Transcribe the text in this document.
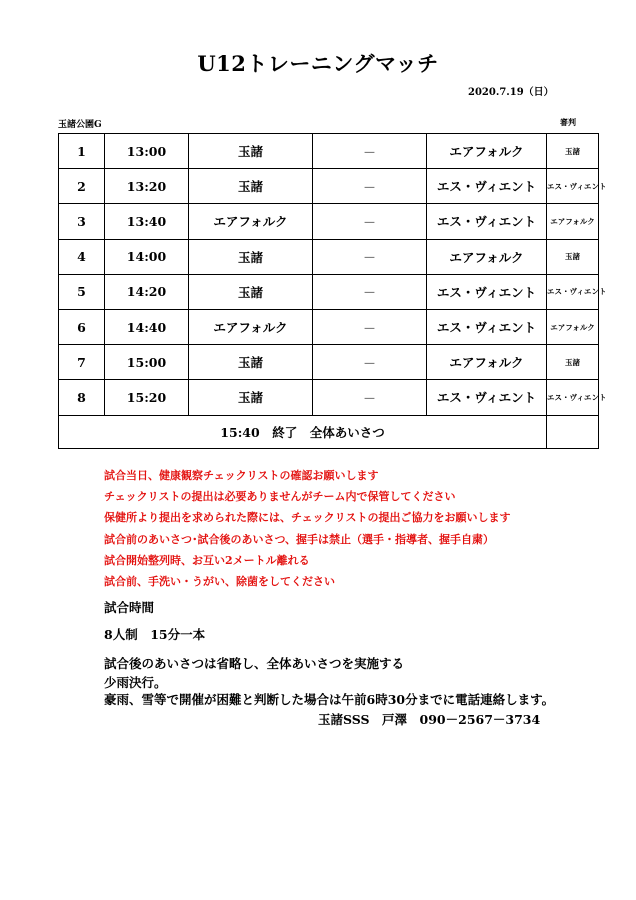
U12トレーニングマッチ
2020.7.19（日）
玉諸公園G	審判
1	13:00	玉諸	－	エアフォルク	玉諸
2	13:20	玉諸	－	エス・ヴィエント	エス・ヴィエント
3	13:40	エアフォルク	－	エス・ヴィエント	エアフォルク
4	14:00	玉諸	－	エアフォルク	玉諸
5	14:20	玉諸	－	エス・ヴィエント	エス・ヴィエント
6	14:40	エアフォルク	－	エス・ヴィエント	エアフォルク
7	15:00	玉諸	－	エアフォルク	玉諸
8	15:20	玉諸	－	エス・ヴィエント	エス・ヴィエント
15:40　終了　全体あいさつ					
試合当日、健康観察チェックリストの確認お願いします
チェックリストの提出は必要ありませんがチーム内で保管してください
保健所より提出を求められた際には、チェックリストの提出ご協力をお願いします
試合前のあいさつ･試合後のあいさつ、握手は禁止（選手・指導者、握手自粛）
試合開始整列時、お互い2メートル離れる
試合前、手洗い・うがい、除菌をしてください
試合時間
8人制　15分一本
試合後のあいさつは省略し、全体あいさつを実施する
少雨決行。
豪雨、雪等で開催が困難と判断した場合は午前6時30分までに電話連絡します。
玉諸SSS　戸澤　090－2567－3734
